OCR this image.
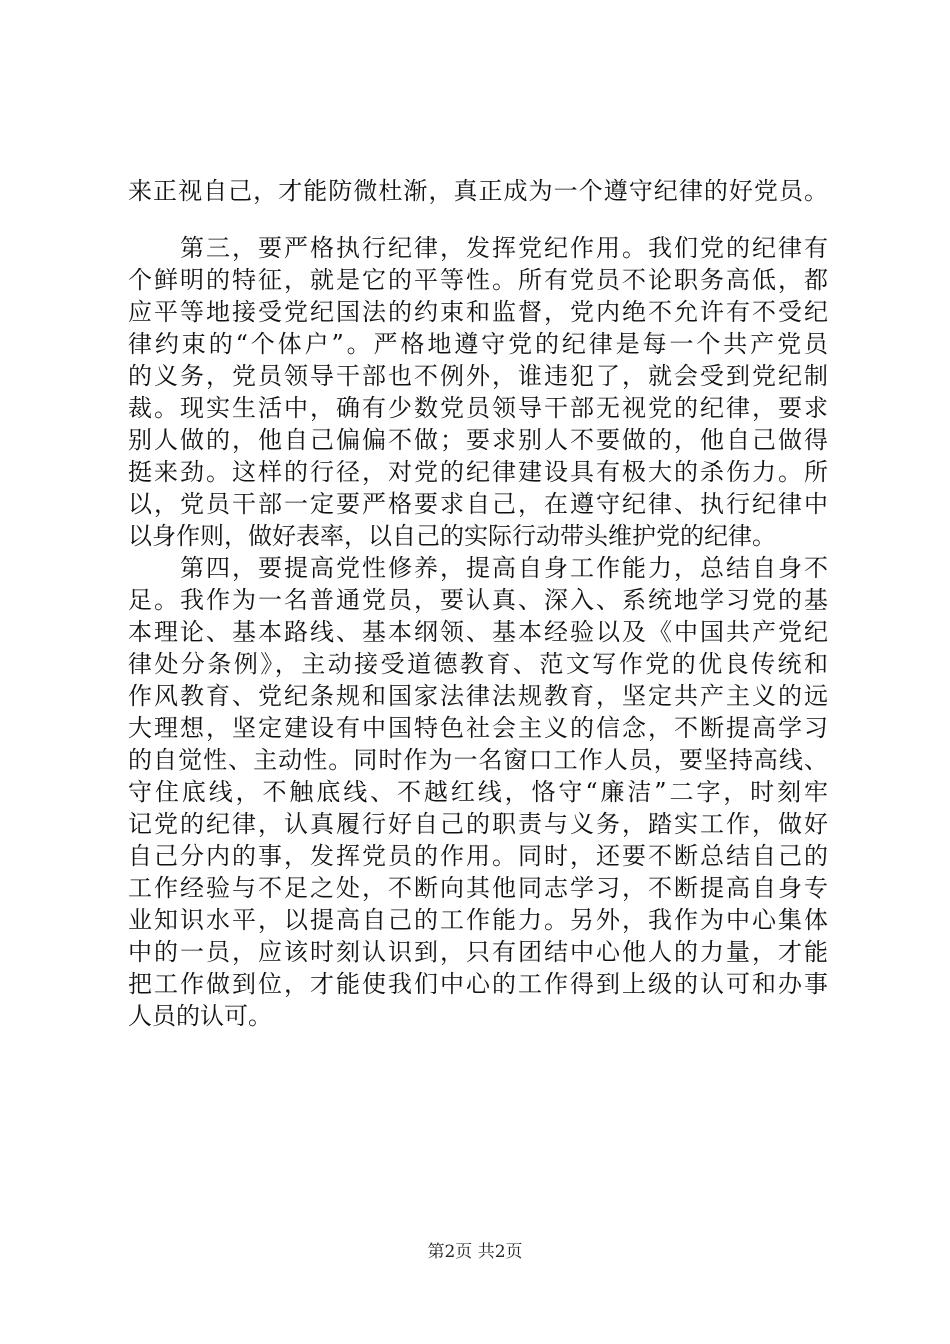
来正视自己，才能防微杜渐，真正成为一个遵守纪律的好党员。
　　第三，要严格执行纪律，发挥党纪作用。我们党的纪律有
个鲜明的特征，就是它的平等性。所有党员不论职务高低，都
应平等地接受党纪国法的约束和监督，党内绝不允许有不受纪
律约束的“个体户”。严格地遵守党的纪律是每一个共产党员
的义务，党员领导干部也不例外，谁违犯了，就会受到党纪制
裁。现实生活中，确有少数党员领导干部无视党的纪律，要求
别人做的，他自己偏偏不做；要求别人不要做的，他自己做得
挺来劲。这样的行径，对党的纪律建设具有极大的杀伤力。所
以，党员干部一定要严格要求自己，在遵守纪律、执行纪律中
以身作则，做好表率，以自己的实际行动带头维护党的纪律。
　　第四，要提高党性修养，提高自身工作能力，总结自身不
足。我作为一名普通党员，要认真、深入、系统地学习党的基
本理论、基本路线、基本纲领、基本经验以及《中国共产党纪
律处分条例》，主动接受道德教育、范文写作党的优良传统和
作风教育、党纪条规和国家法律法规教育，坚定共产主义的远
大理想，坚定建设有中国特色社会主义的信念，不断提高学习
的自觉性、主动性。同时作为一名窗口工作人员，要坚持高线、
守住底线，不触底线、不越红线，恪守“廉洁”二字，时刻牢
记党的纪律，认真履行好自己的职责与义务，踏实工作，做好
自己分内的事，发挥党员的作用。同时，还要不断总结自己的
工作经验与不足之处，不断向其他同志学习，不断提高自身专
业知识水平，以提高自己的工作能力。另外，我作为中心集体
中的一员，应该时刻认识到，只有团结中心他人的力量，才能
把工作做到位，才能使我们中心的工作得到上级的认可和办事
人员的认可。
第2页 共2页
